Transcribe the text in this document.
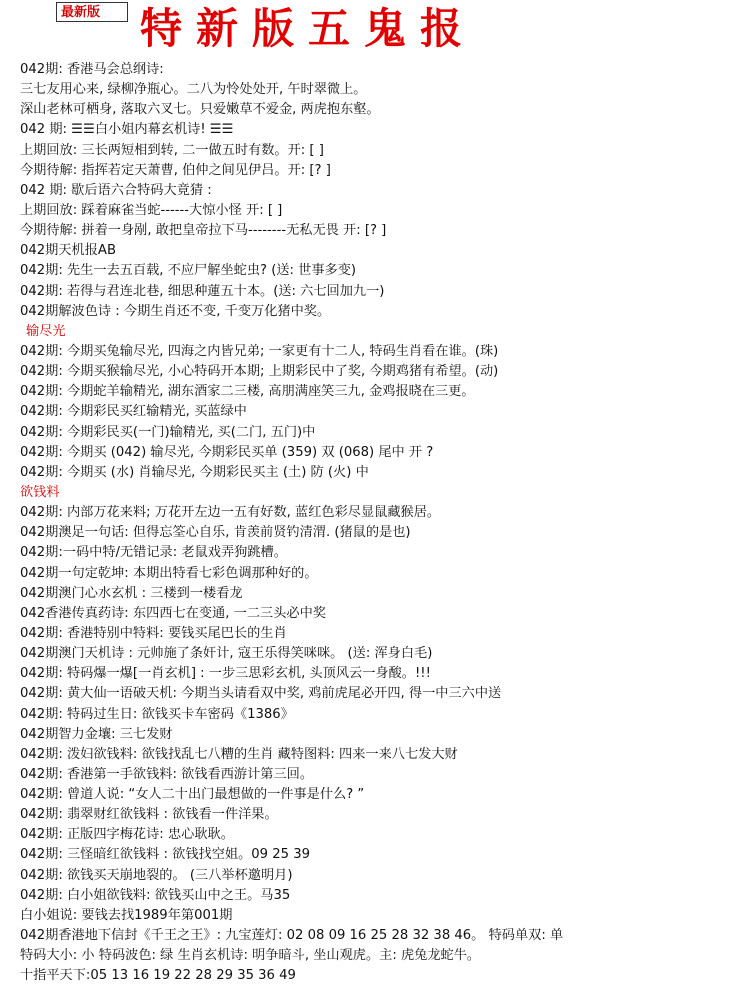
最新版 特新版五鬼报
042期: 香港马会总纲诗:
三七友用心来, 绿柳净瓶心。二八为怜处处开, 午时翠微上。
深山老林可栖身, 落取六叉七。只爱嫩草不爱金, 两虎抱东壑。
042 期: ☰☰白小姐内幕玄机诗! ☰☰
上期回放: 三长两短相到转, 二一做五时有数。开: [ ]
今期待解: 指挥若定天萧曹, 伯仲之间见伊吕。开: [? ]
042 期: 歇后语六合特码大竟猜 :
上期回放: 踩着麻雀当蛇------大惊小怪 开: [ ]
今期待解: 拼着一身剐, 敢把皇帝拉下马--------无私无畏 开: [? ]
042期天机报AB
042期: 先生一去五百载, 不应尸解坐蛇虫? (送: 世事多变)
042期: 若得与君连北巷, 细思种蓮五十本。(送: 六七回加九一)
042期解波色诗 : 今期生肖还不变, 千变万化猪中奖。
输尽光
042期: 今期买兔输尽光, 四海之内皆兄弟; 一家更有十二人, 特码生肖看在谁。(珠)
042期: 今期买猴输尽光, 小心特码开本期; 上期彩民中了奖, 今期鸡猪有希望。(动)
042期: 今期蛇羊输精光, 湖东酒家二三楼, 高朋满座笑三九, 金鸡报晓在三更。
042期: 今期彩民买红输精光, 买蓝绿中
042期: 今期彩民买(一门)输精光, 买(二门, 五门)中
042期: 今期买 (042) 输尽光, 今期彩民买单 (359) 双 (068) 尾中 开 ?
042期: 今期买 (水) 肖输尽光, 今期彩民买主 (土) 防 (火) 中
欲钱料
042期: 内部万花来料; 万花开左边一五有好数, 蓝红色彩尽显鼠藏猴居。
042期澳足一句话: 但得忘筌心自乐, 肯羡前贤钓清渭. (猪鼠的是也)
042期:一码中特/无错记录: 老鼠戏弄狗跳槽。
042期一句定乾坤: 本期出特看七彩色调那种好的。
042期澳门心水玄机 : 三楼到一楼看龙
042香港传真药诗: 东四西七在变通, 一二三头必中奖
042期: 香港特别中特料: 要钱买尾巴长的生肖
042期澳门天机诗 : 元帅施了条奸计, 寇王乐得笑咪咪。 (送: 浑身白毛)
042期: 特码爆一爆[一肖玄机] : 一步三思彩玄机, 头顶风云一身酸。!!!
042期: 黄大仙一语破天机: 今期当头请看双中奖, 鸡前虎尾必开四, 得一中三六中送
042期: 特码过生日: 欲钱买卡车密码《1386》
042期智力金壤: 三七发财
042期: 泼妇欲钱料: 欲钱找乱七八糟的生肖 藏特图料: 四来一来八七发大财
042期: 香港第一手欲钱料: 欲钱看西游计第三回。
042期: 曾道人说: “女人二十出门最想做的一件事是什么? ”
042期: 翡翠财红欲钱料 : 欲钱看一件洋果。
042期: 正版四字梅花诗: 忠心耿耿。
042期: 三怪暗红欲钱料 : 欲钱找空姐。09 25 39
042期: 欲钱买天崩地裂的。 (三八举杯邀明月)
042期: 白小姐欲钱料: 欲钱买山中之王。马35
白小姐说: 要钱去找1989年第001期
042期香港地下信封《千王之王》: 九宝莲灯: 02 08 09 16 25 28 32 38 46。 特码单双: 单
特码大小: 小 特码波色: 绿 生肖玄机诗: 明争暗斗, 坐山观虎。主: 虎兔龙蛇牛。
十指平天下:05 13 16 19 22 28 29 35 36 49
